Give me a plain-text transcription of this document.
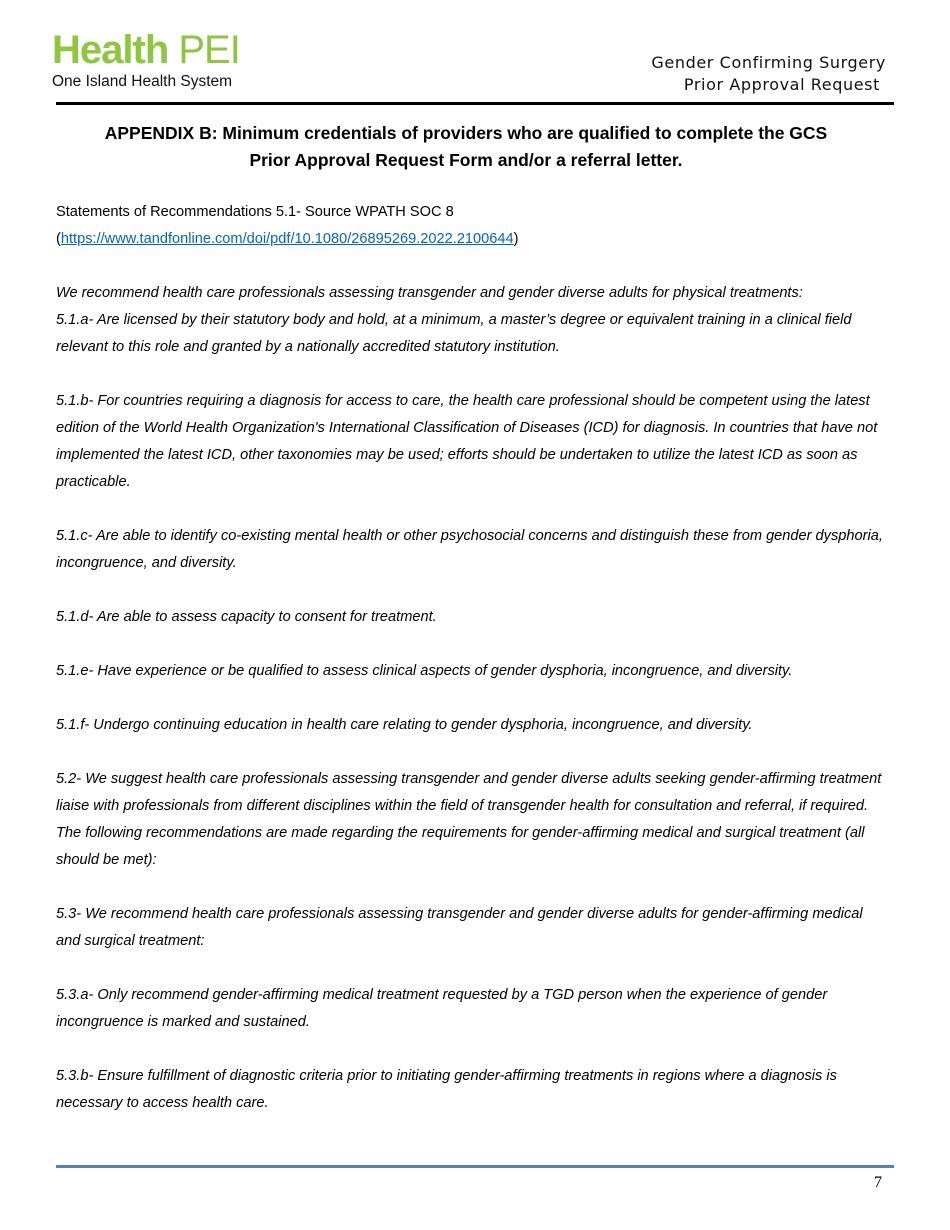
Health PEI
One Island Health System
Gender Confirming Surgery
Prior Approval Request
APPENDIX B: Minimum credentials of providers who are qualified to complete the GCS
Prior Approval Request Form and/or a referral letter.
Statements of Recommendations 5.1- Source WPATH SOC 8
(https://www.tandfonline.com/doi/pdf/10.1080/26895269.2022.2100644)

We recommend health care professionals assessing transgender and gender diverse adults for physical treatments:

5.1.a- Are licensed by their statutory body and hold, at a minimum, a master’s degree or equivalent training in a clinical field relevant to this role and granted by a nationally accredited statutory institution.

5.1.b- For countries requiring a diagnosis for access to care, the health care professional should be competent using the latest edition of the World Health Organization's International Classification of Diseases (ICD) for diagnosis. In countries that have not implemented the latest ICD, other taxonomies may be used; efforts should be undertaken to utilize the latest ICD as soon as practicable.

5.1.c- Are able to identify co-existing mental health or other psychosocial concerns and distinguish these from gender dysphoria, incongruence, and diversity.

5.1.d- Are able to assess capacity to consent for treatment.

5.1.e- Have experience or be qualified to assess clinical aspects of gender dysphoria, incongruence, and diversity.

5.1.f- Undergo continuing education in health care relating to gender dysphoria, incongruence, and diversity.

5.2- We suggest health care professionals assessing transgender and gender diverse adults seeking gender-affirming treatment liaise with professionals from different disciplines within the field of transgender health for consultation and referral, if required. The following recommendations are made regarding the requirements for gender-affirming medical and surgical treatment (all should be met):

5.3- We recommend health care professionals assessing transgender and gender diverse adults for gender-affirming medical and surgical treatment:

5.3.a- Only recommend gender-affirming medical treatment requested by a TGD person when the experience of gender incongruence is marked and sustained.

5.3.b- Ensure fulfillment of diagnostic criteria prior to initiating gender-affirming treatments in regions where a diagnosis is necessary to access health care.

7
